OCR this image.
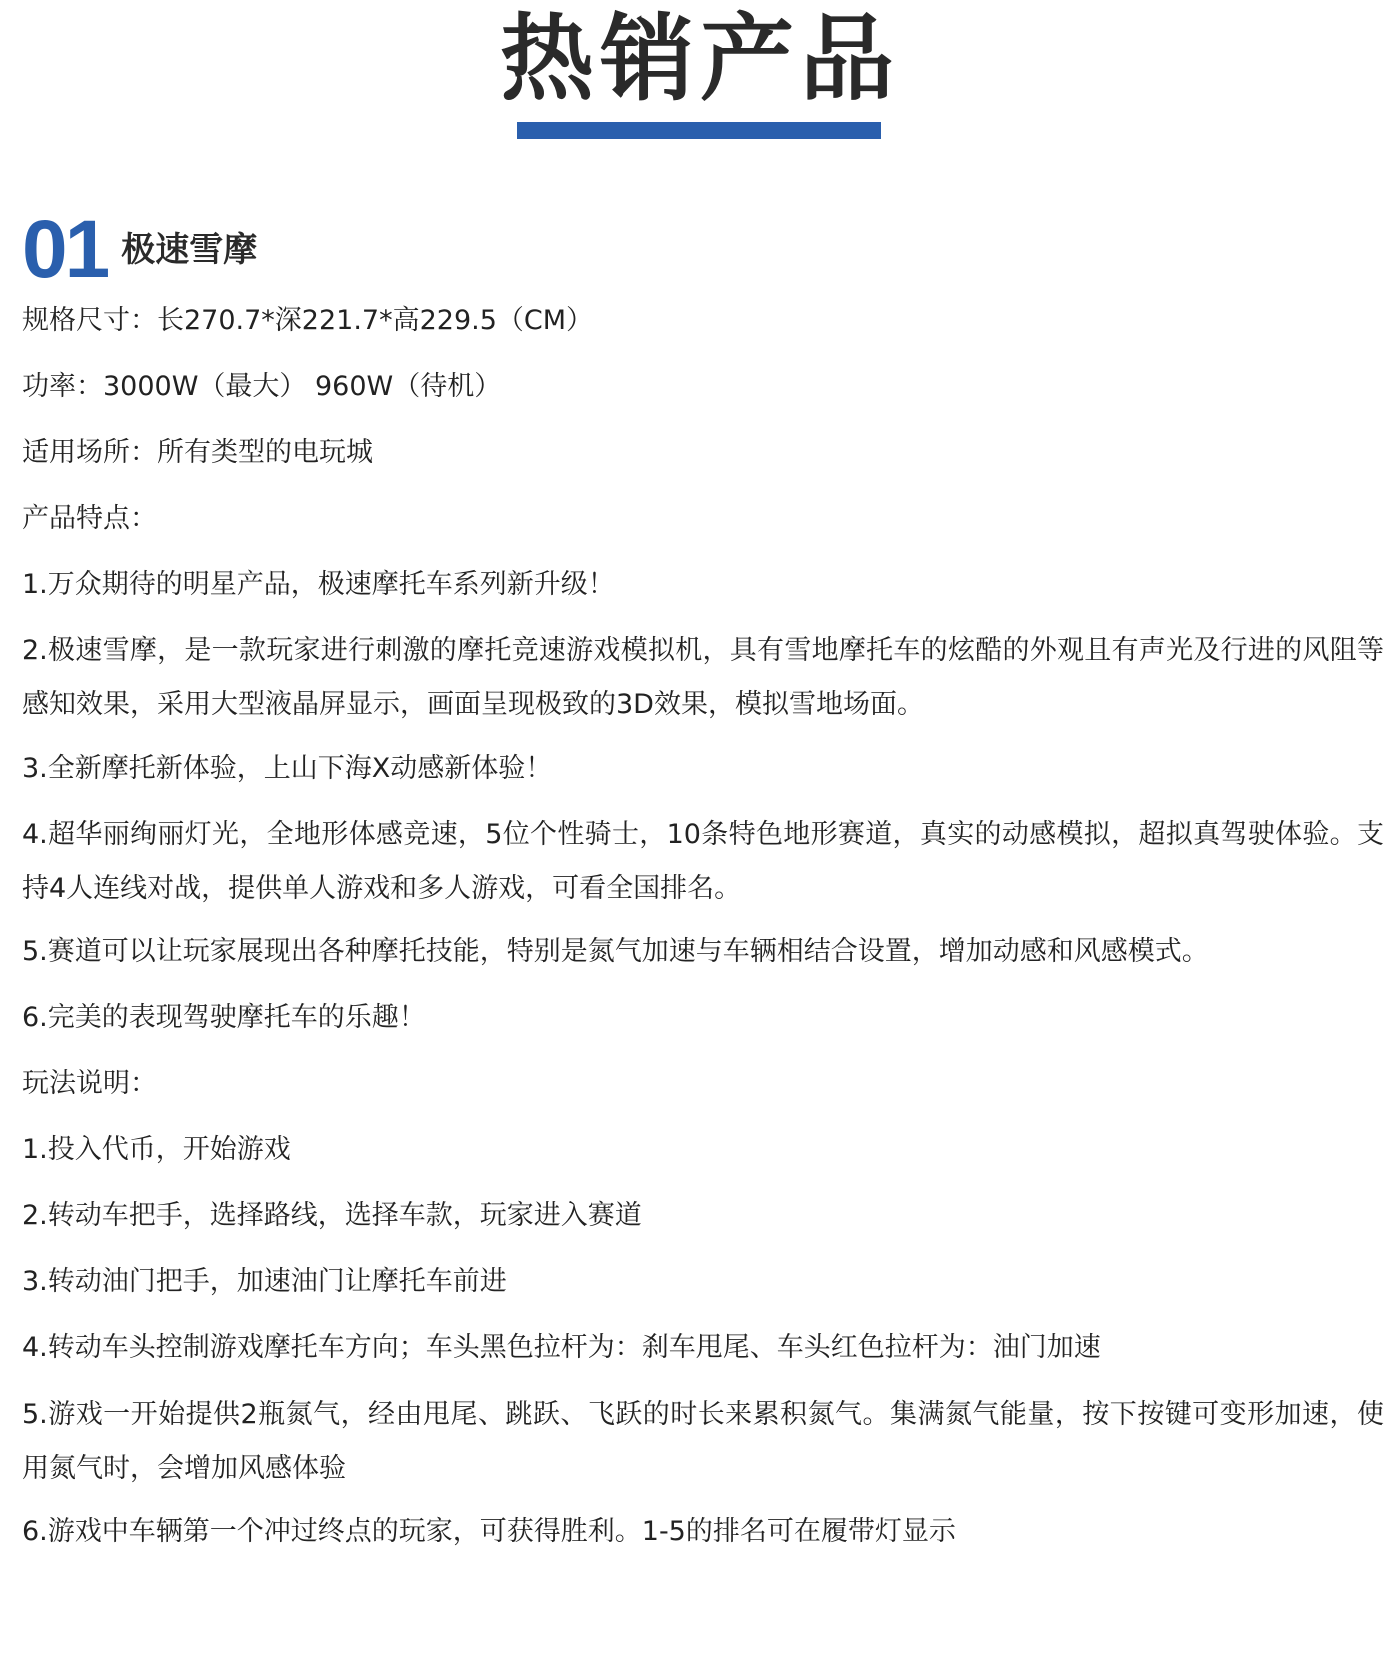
热销产品
01 极速雪摩
规格尺寸：长270.7*深221.7*高229.5（CM）
功率：3000W（最大） 960W（待机）
适用场所：所有类型的电玩城
产品特点：
1.万众期待的明星产品，极速摩托车系列新升级！
2.极速雪摩，是一款玩家进行刺激的摩托竞速游戏模拟机，具有雪地摩托车的炫酷的外观且有声光及行进的风阻等感知效果，采用大型液晶屏显示，画面呈现极致的3D效果，模拟雪地场面。
3.全新摩托新体验，上山下海X动感新体验！
4.超华丽绚丽灯光，全地形体感竞速，5位个性骑士，10条特色地形赛道，真实的动感模拟，超拟真驾驶体验。支持4人连线对战，提供单人游戏和多人游戏，可看全国排名。
5.赛道可以让玩家展现出各种摩托技能，特别是氮气加速与车辆相结合设置，增加动感和风感模式。
6.完美的表现驾驶摩托车的乐趣！
玩法说明：
1.投入代币，开始游戏
2.转动车把手，选择路线，选择车款，玩家进入赛道
3.转动油门把手，加速油门让摩托车前进
4.转动车头控制游戏摩托车方向；车头黑色拉杆为：刹车甩尾、车头红色拉杆为：油门加速
5.游戏一开始提供2瓶氮气，经由甩尾、跳跃、飞跃的时长来累积氮气。集满氮气能量，按下按键可变形加速，使用氮气时，会增加风感体验
6.游戏中车辆第一个冲过终点的玩家，可获得胜利。1-5的排名可在履带灯显示
